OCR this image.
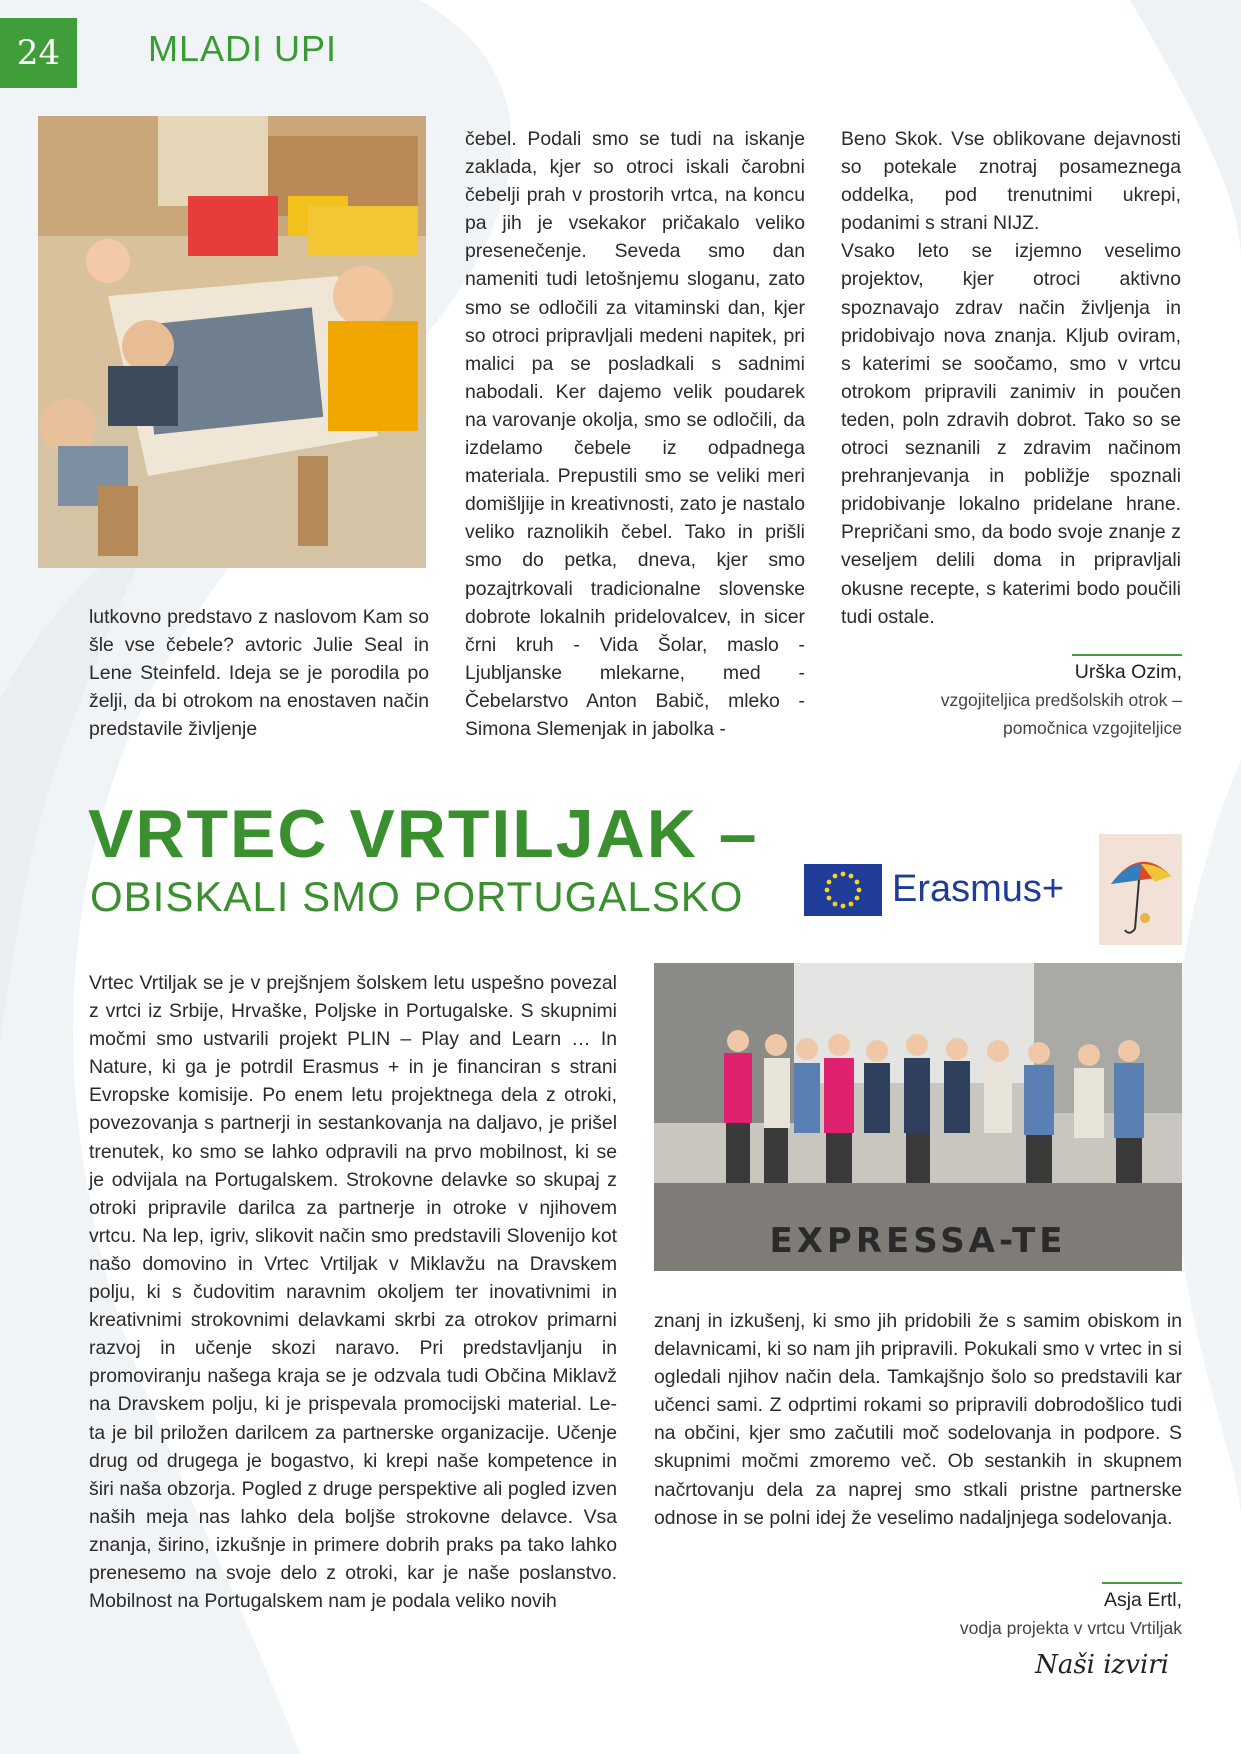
24	MLADI UPI

lutkovno predstavo z naslovom Kam so šle vse čebele? avtoric Julie Seal in Lene Steinfeld. Ideja se je porodila po želji, da bi otrokom na enostaven način predstavile življenje

čebel. Podali smo se tudi na iskanje zaklada, kjer so otroci iskali čarobni čebelji prah v prostorih vrtca, na koncu pa jih je vsekakor pričakalo veliko presenečenje. Seveda smo dan nameniti tudi letošnjemu sloganu, zato smo se odločili za vitaminski dan, kjer so otroci pripravljali medeni napitek, pri malici pa se posladkali s sadnimi nabodali. Ker dajemo velik poudarek na varovanje okolja, smo se odločili, da izdelamo čebele iz odpadnega materiala. Prepustili smo se veliki meri domišljije in kreativnosti, zato je nastalo veliko raznolikih čebel. Tako in prišli smo do petka, dneva, kjer smo pozajtrkovali tradicionalne slovenske dobrote lokalnih pridelovalcev, in sicer črni kruh - Vida Šolar, maslo - Ljubljanske mlekarne, med - Čebelarstvo Anton Babič, mleko - Simona Slemenjak in jabolka -

Beno Skok. Vse oblikovane dejavnosti so potekale znotraj posameznega oddelka, pod trenutnimi ukrepi, podanimi s strani NIJZ.

Vsako leto se izjemno veselimo projektov, kjer otroci aktivno spoznavajo zdrav način življenja in pridobivajo nova znanja. Kljub oviram, s katerimi se soočamo, smo v vrtcu otrokom pripravili zanimiv in poučen teden, poln zdravih dobrot. Tako so se otroci seznanili z zdravim načinom prehranjevanja in pobližje spoznali pridobivanje lokalno pridelane hrane. Prepričani smo, da bodo svoje znanje z veseljem delili doma in pripravljali okusne recepte, s katerimi bodo poučili tudi ostale.

Urška Ozim,
vzgojiteljica predšolskih otrok –
pomočnica vzgojiteljice
VRTEC VRTILJAK –
OBISKALI SMO PORTUGALSKO	Erasmus+
EXPRESSA-TE

Vrtec Vrtiljak se je v prejšnjem šolskem letu uspešno povezal z vrtci iz Srbije, Hrvaške, Poljske in Portugalske. S skupnimi močmi smo ustvarili projekt PLIN – Play and Learn … In Nature, ki ga je potrdil Erasmus + in je financiran s strani Evropske komisije. Po enem letu projektnega dela z otroki, povezovanja s partnerji in sestankovanja na daljavo, je prišel trenutek, ko smo se lahko odpravili na prvo mobilnost, ki se je odvijala na Portugalskem. Strokovne delavke so skupaj z otroki pripravile darilca za partnerje in otroke v njihovem vrtcu. Na lep, igriv, slikovit način smo predstavili Slovenijo kot našo domovino in Vrtec Vrtiljak v Miklavžu na Dravskem polju, ki s čudovitim naravnim okoljem ter inovativnimi in kreativnimi strokovnimi delavkami skrbi za otrokov primarni razvoj in učenje skozi naravo. Pri predstavljanju in promoviranju našega kraja se je odzvala tudi Občina Miklavž na Dravskem polju, ki je prispevala promocijski material. Le-ta je bil priložen darilcem za partnerske organizacije. Učenje drug od drugega je bogastvo, ki krepi naše kompetence in širi naša obzorja. Pogled z druge perspektive ali pogled izven naših meja nas lahko dela boljše strokovne delavce. Vsa znanja, širino, izkušnje in primere dobrih praks pa tako lahko prenesemo na svoje delo z otroki, kar je naše poslanstvo. Mobilnost na Portugalskem nam je podala veliko novih

znanj in izkušenj, ki smo jih pridobili že s samim obiskom in delavnicami, ki so nam jih pripravili. Pokukali smo v vrtec in si ogledali njihov način dela. Tamkajšnjo šolo so predstavili kar učenci sami. Z odprtimi rokami so pripravili dobrodošlico tudi na občini, kjer smo začutili moč sodelovanja in podpore. S skupnimi močmi zmoremo več. Ob sestankih in skupnem načrtovanju dela za naprej smo stkali pristne partnerske odnose in se polni idej že veselimo nadaljnjega sodelovanja.

Asja Ertl,
vodja projekta v vrtcu Vrtiljak
Naši izviri
